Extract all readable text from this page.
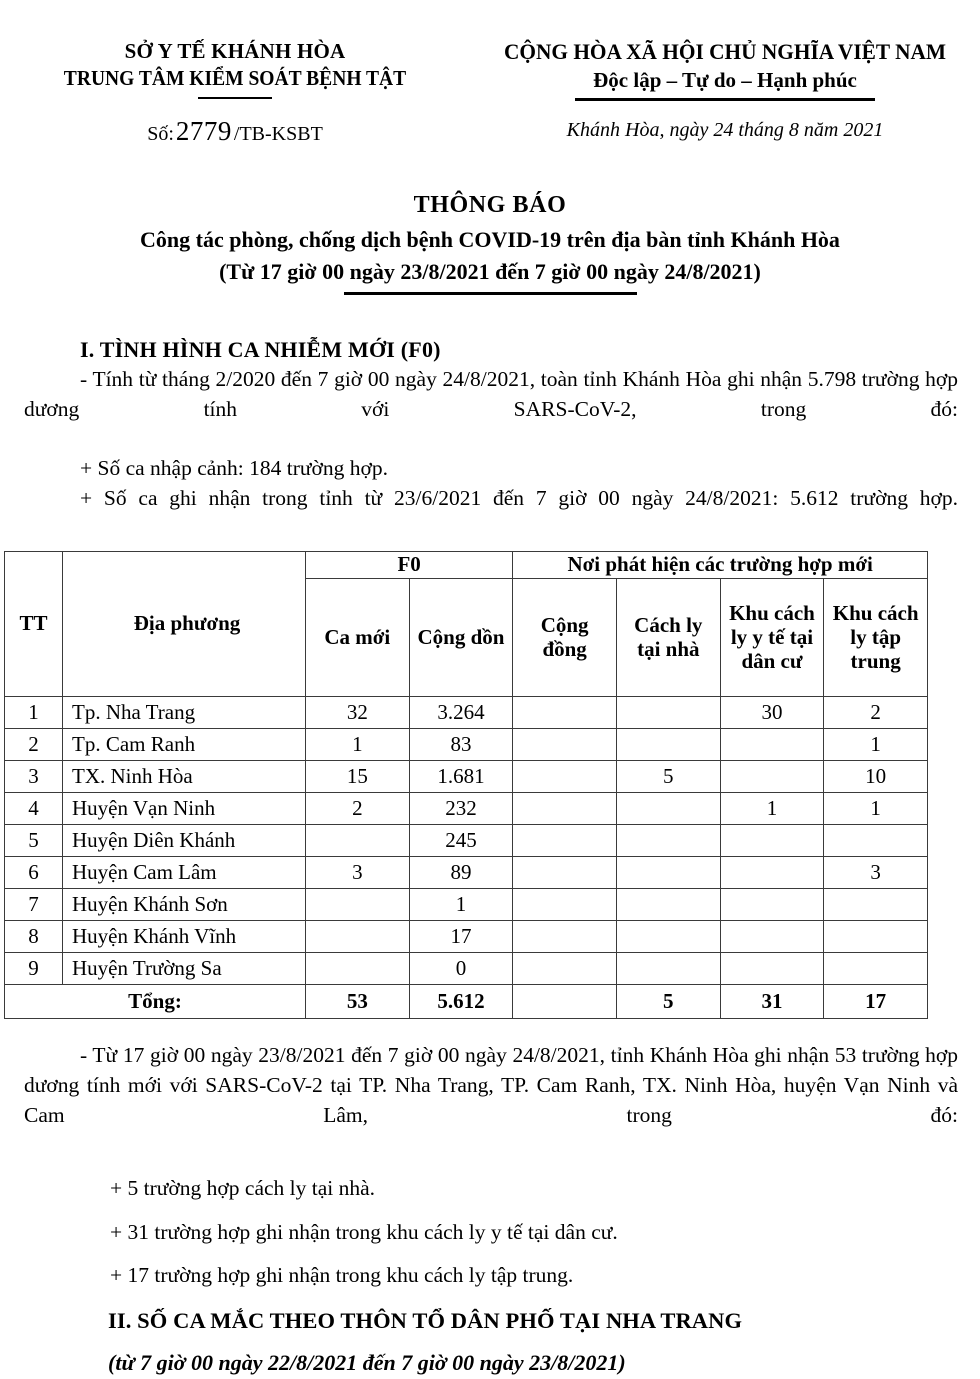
SỞ Y TẾ KHÁNH HÒA
TRUNG TÂM KIỂM SOÁT BỆNH TẬT
Số:2779 /TB-KSBT
CỘNG HÒA XÃ HỘI CHỦ NGHĨA VIỆT NAM
Độc lập – Tự do – Hạnh phúc
Khánh Hòa, ngày 24 tháng 8 năm 2021
THÔNG BÁO
Công tác phòng, chống dịch bệnh COVID-19 trên địa bàn tỉnh Khánh Hòa
(Từ 17 giờ 00 ngày 23/8/2021 đến 7 giờ 00 ngày 24/8/2021)
I. TÌNH HÌNH CA NHIỄM MỚI (F0)

- Tính từ tháng 2/2020 đến 7 giờ 00 ngày 24/8/2021, toàn tỉnh Khánh Hòa ghi nhận 5.798 trường hợp dương tính với SARS-CoV-2, trong đó:

+ Số ca nhập cảnh: 184 trường hợp.

+ Số ca ghi nhận trong tỉnh từ 23/6/2021 đến 7 giờ 00 ngày 24/8/2021: 5.612 trường hợp.

TT	Địa phương	F0		Nơi phát hiện các trường hợp mới			
		Ca mới	Cộng dồn	Cộng đồng	Cách ly tại nhà	Khu cách ly y tế tại dân cư	Khu cách ly tập trung

1	Tp. Nha Trang	32	3.264			30	2
2	Tp. Cam Ranh	1	83				1
3	TX. Ninh Hòa	15	1.681		5		10
4	Huyện Vạn Ninh	2	232			1	1
5	Huyện Diên Khánh		245				
6	Huyện Cam Lâm	3	89				3
7	Huyện Khánh Sơn		1				
8	Huyện Khánh Vĩnh		17				
9	Huyện Trường Sa		0				
Tổng:		53	5.612		5	31	17

- Từ 17 giờ 00 ngày 23/8/2021 đến 7 giờ 00 ngày 24/8/2021, tỉnh Khánh Hòa ghi nhận 53 trường hợp dương tính mới với SARS-CoV-2 tại TP. Nha Trang, TP. Cam Ranh, TX. Ninh Hòa, huyện Vạn Ninh và Cam Lâm, trong đó:

+ 5 trường hợp cách ly tại nhà.

+ 31 trường hợp ghi nhận trong khu cách ly y tế tại dân cư.

+ 17 trường hợp ghi nhận trong khu cách ly tập trung.

II. SỐ CA MẮC THEO THÔN TỔ DÂN PHỐ TẠI NHA TRANG
(từ 7 giờ 00 ngày 22/8/2021 đến 7 giờ 00 ngày 23/8/2021)
